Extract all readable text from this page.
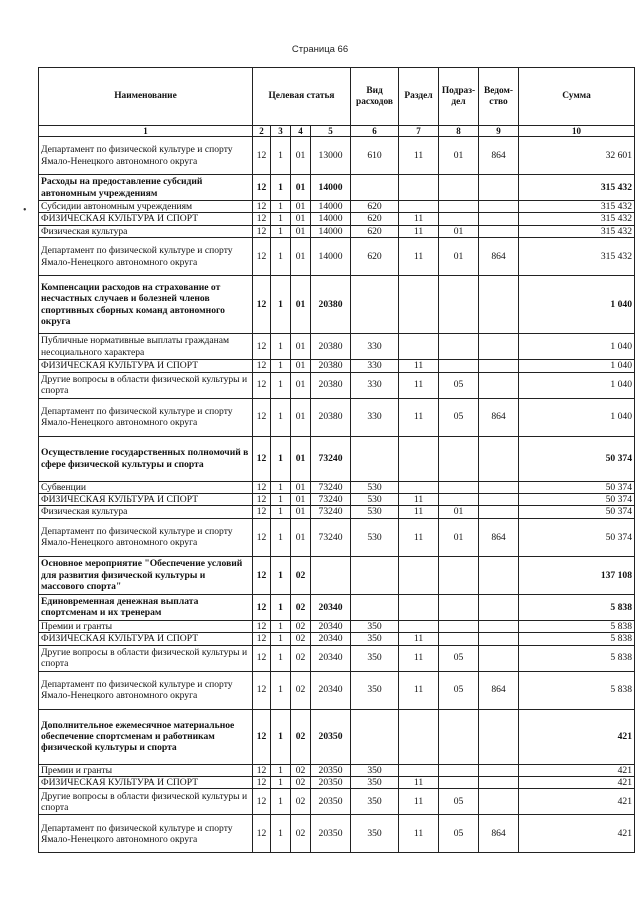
Страница 66
•
Наименование	Целевая статья				Вид расходов	Раздел	Подраз-дел	Ведом-ство	Сумма
1	2	3	4	5	6	7	8	9	10
Департамент по физической культуре и спорту Ямало-Ненецкого автономного округа	12	1	01	13000	610	11	01	864	32 601
Расходы на предоставление субсидий автономным учреждениям	12	1	01	14000					315 432
Субсидии автономным учреждениям	12	1	01	14000	620				315 432
ФИЗИЧЕСКАЯ КУЛЬТУРА И СПОРТ	12	1	01	14000	620	11			315 432
Физическая культура	12	1	01	14000	620	11	01		315 432
Департамент по физической культуре и спорту Ямало-Ненецкого автономного округа	12	1	01	14000	620	11	01	864	315 432
Компенсации расходов на страхование от несчастных случаев и болезней членов спортивных сборных команд автономного округа	12	1	01	20380					1 040
Публичные нормативные выплаты гражданам несоциального характера	12	1	01	20380	330				1 040
ФИЗИЧЕСКАЯ КУЛЬТУРА И СПОРТ	12	1	01	20380	330	11			1 040
Другие вопросы в области физической культуры и спорта	12	1	01	20380	330	11	05		1 040
Департамент по физической культуре и спорту Ямало-Ненецкого автономного округа	12	1	01	20380	330	11	05	864	1 040
Осуществление государственных полномочий в сфере физической культуры и спорта	12	1	01	73240					50 374
Субвенции	12	1	01	73240	530				50 374
ФИЗИЧЕСКАЯ КУЛЬТУРА И СПОРТ	12	1	01	73240	530	11			50 374
Физическая культура	12	1	01	73240	530	11	01		50 374
Департамент по физической культуре и спорту Ямало-Ненецкого автономного округа	12	1	01	73240	530	11	01	864	50 374
Основное мероприятие "Обеспечение условий для развития физической культуры и массового спорта"	12	1	02						137 108
Единовременная денежная выплата спортсменам и их тренерам	12	1	02	20340					5 838
Премии и гранты	12	1	02	20340	350				5 838
ФИЗИЧЕСКАЯ КУЛЬТУРА И СПОРТ	12	1	02	20340	350	11			5 838
Другие вопросы в области физической культуры и спорта	12	1	02	20340	350	11	05		5 838
Департамент по физической культуре и спорту Ямало-Ненецкого автономного округа	12	1	02	20340	350	11	05	864	5 838
Дополнительное ежемесячное материальное обеспечение спортсменам и работникам физической культуры и спорта	12	1	02	20350					421
Премии и гранты	12	1	02	20350	350				421
ФИЗИЧЕСКАЯ КУЛЬТУРА И СПОРТ	12	1	02	20350	350	11			421
Другие вопросы в области физической культуры и спорта	12	1	02	20350	350	11	05		421
Департамент по физической культуре и спорту Ямало-Ненецкого автономного округа	12	1	02	20350	350	11	05	864	421
